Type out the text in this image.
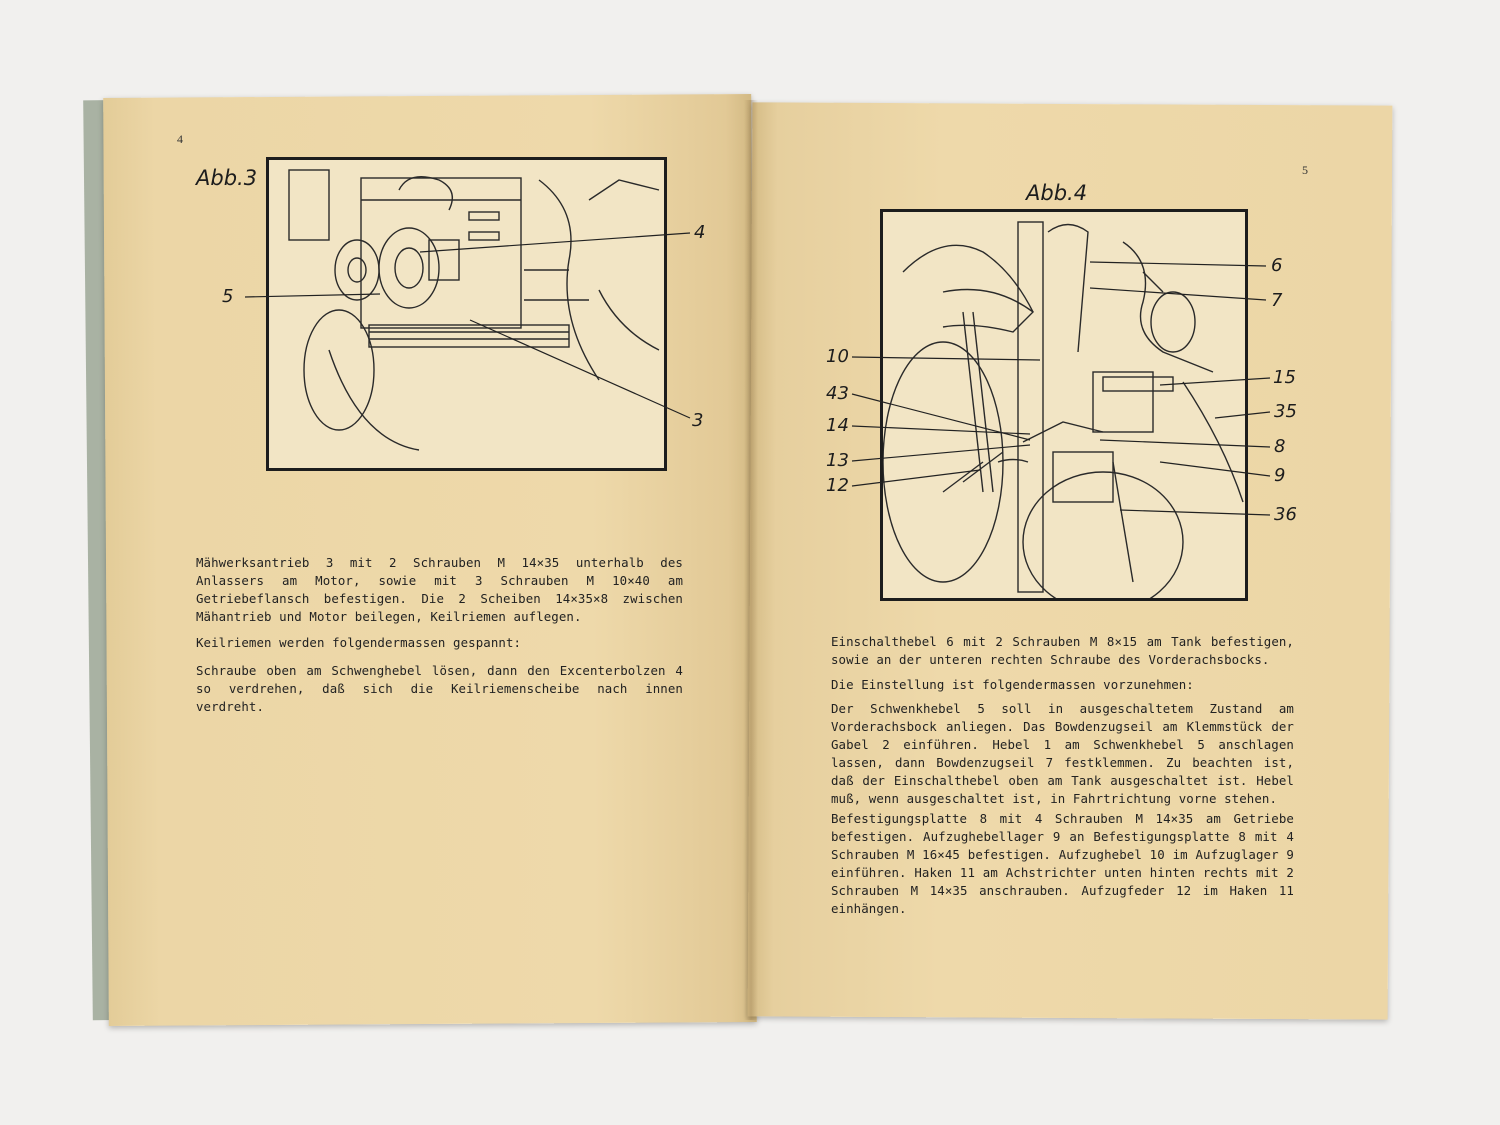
4
Abb.3
4
5
3
Mähwerksantrieb 3 mit 2 Schrauben M 14×35 unterhalb des Anlassers am Motor, sowie mit 3 Schrauben M 10×40 am Getriebeflansch befestigen. Die 2 Scheiben 14×35×8 zwischen Mähantrieb und Motor beilegen, Keilriemen auflegen.
Keilriemen werden folgendermassen gespannt:
Schraube oben am Schwenghebel lösen, dann den Excenterbolzen 4 so verdrehen, daß sich die Keilriemenscheibe nach innen verdreht.
5
Abb.4
6
7
10
15
43
35
14
8
13
9
12
36
Einschalthebel 6 mit 2 Schrauben M 8×15 am Tank befestigen, sowie an der unteren rechten Schraube des Vorderachsbocks.
Die Einstellung ist folgendermassen vorzunehmen:
Der Schwenkhebel 5 soll in ausgeschaltetem Zustand am Vorderachsbock anliegen. Das Bowdenzugseil am Klemmstück der Gabel 2 einführen. Hebel 1 am Schwenkhebel 5 anschlagen lassen, dann Bowdenzugseil 7 festklemmen. Zu beachten ist, daß der Einschalthebel oben am Tank ausgeschaltet ist. Hebel muß, wenn ausgeschaltet ist, in Fahrtrichtung vorne stehen.
Befestigungsplatte 8 mit 4 Schrauben M 14×35 am Getriebe befestigen. Aufzughebellager 9 an Befestigungsplatte 8 mit 4 Schrauben M 16×45 befestigen. Aufzughebel 10 im Aufzuglager 9 einführen. Haken 11 am Achstrichter unten hinten rechts mit 2 Schrauben M 14×35 anschrauben. Aufzugfeder 12 im Haken 11 einhängen.
